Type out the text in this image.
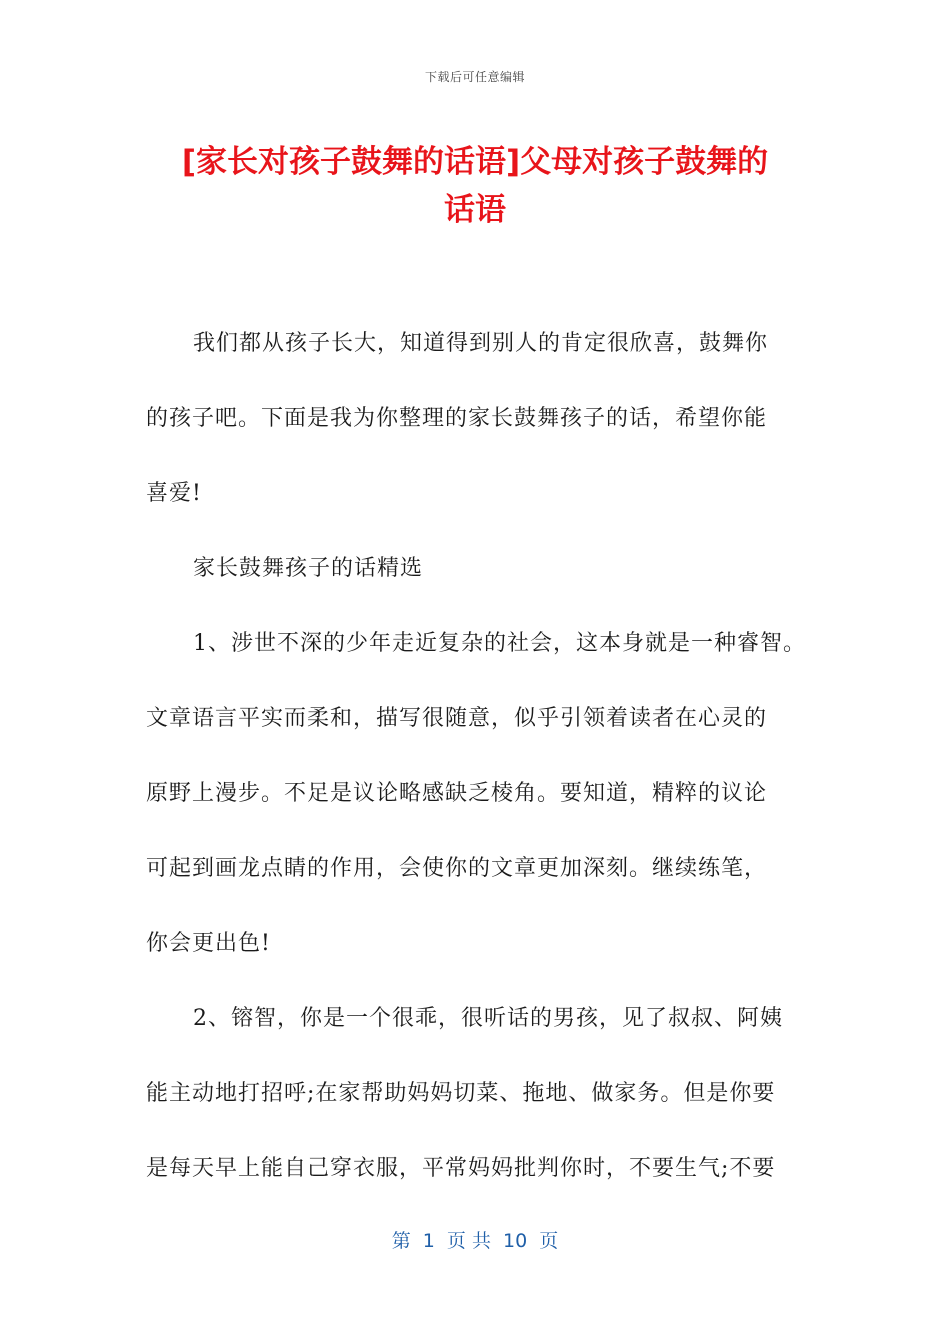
下载后可任意编辑
[家长对孩子鼓舞的话语]父母对孩子鼓舞的
话语
我们都从孩子长大，知道得到别人的肯定很欣喜，鼓舞你
的孩子吧。下面是我为你整理的家长鼓舞孩子的话，希望你能
喜爱!
家长鼓舞孩子的话精选
1、涉世不深的少年走近复杂的社会，这本身就是一种睿智。
文章语言平实而柔和，描写很随意，似乎引领着读者在心灵的
原野上漫步。不足是议论略感缺乏棱角。要知道，精粹的议论
可起到画龙点睛的作用，会使你的文章更加深刻。继续练笔，
你会更出色!
2、镕智，你是一个很乖，很听话的男孩，见了叔叔、阿姨
能主动地打招呼;在家帮助妈妈切菜、拖地、做家务。但是你要
是每天早上能自己穿衣服，平常妈妈批判你时，不要生气;不要
第  1  页 共  10  页
